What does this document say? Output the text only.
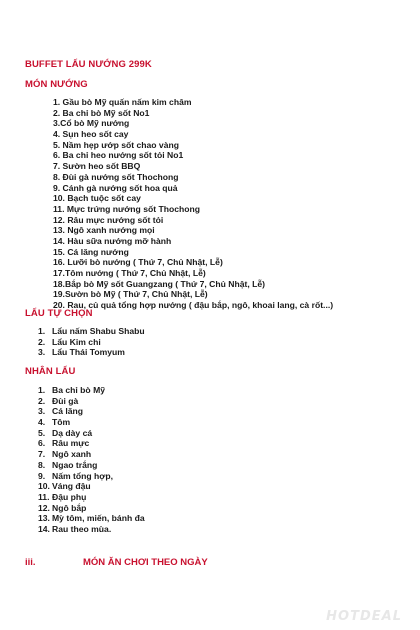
BUFFET LẨU NƯỚNG 299K
MÓN NƯỚNG
1. Gầu bò Mỹ quấn nấm kim châm
2. Ba chỉ bò Mỹ sốt No1
3.Cổ bò Mỹ nướng
4. Sụn heo sốt cay
5. Nầm hẹp ướp sốt chao vàng
6. Ba chỉ heo nướng sốt tỏi No1
7. Sườn heo sốt BBQ
8. Đùi gà nướng sốt Thochong
9. Cánh gà nướng sốt hoa quả
10. Bạch tuộc sốt cay
11. Mực trứng nướng sốt Thochong
12. Râu mực nướng sốt tỏi
13. Ngô xanh nướng mọi
14. Hàu sữa nướng mỡ hành
15. Cá lăng nướng
16. Lưỡi bò nướng ( Thứ 7, Chủ Nhật, Lễ)
17.Tôm nướng ( Thứ 7, Chủ Nhật, Lễ)
18.Bắp bò Mỹ sốt Guangzang ( Thứ 7, Chủ Nhật, Lễ)
19.Sườn bò Mỹ ( Thứ 7, Chủ Nhật, Lễ)
20. Rau, củ quả tổng hợp nướng ( đậu bắp, ngô, khoai lang, cà rốt...)
LẨU TỰ CHỌN
1. Lẩu nấm Shabu Shabu
2. Lẩu Kim chi
3. Lẩu Thái Tomyum
NHÂN LẨU
1. Ba chỉ bò Mỹ
2. Đùi gà
3. Cá lăng
4. Tôm
5. Dạ dày cá
6. Râu mực
7. Ngô xanh
8. Ngao trắng
9. Nấm tổng hợp,
10. Váng đậu
11. Đậu phụ
12. Ngô bắp
13. Mỳ tôm, miến, bánh đa
14. Rau theo mùa.
iii.	MÓN ĂN CHƠI THEO NGÀY
HOTDEAL
